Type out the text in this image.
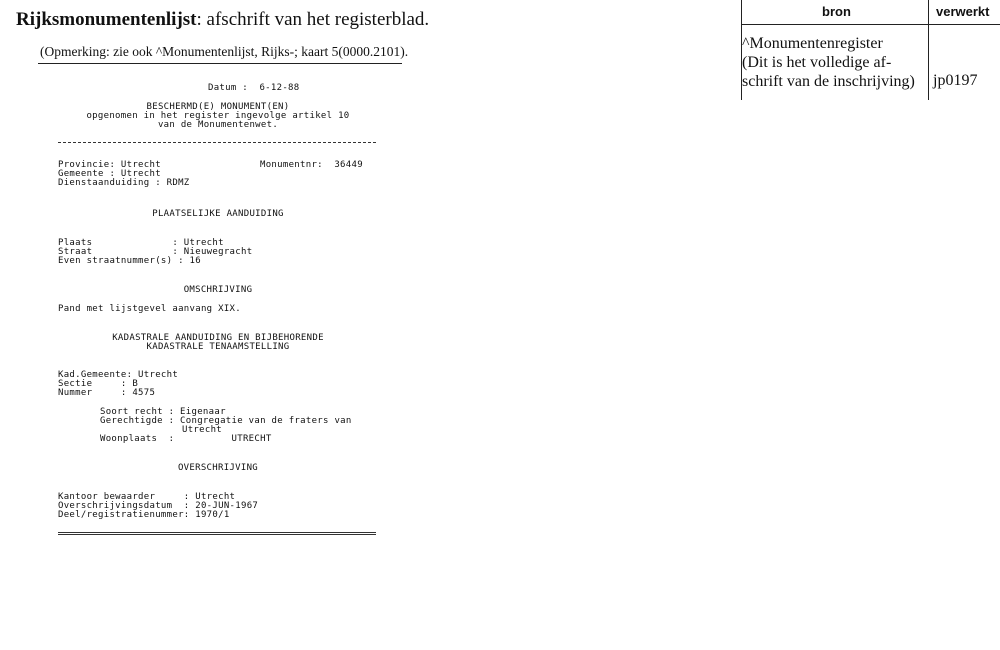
Rijksmonumentenlijst: afschrift van het registerblad.
(Opmerking: zie ook ^Monumentenlijst, Rijks-; kaart 5(0000.2101).

Datum :  6-12-88

BESCHERMD(E) MONUMENT(EN)

opgenomen in het register ingevolge artikel 10

van de Monumentenwet.

Provincie: Utrecht

	Monumentnr:  36449

Gemeente : Utrecht

Dienstaanduiding : RDMZ

PLAATSELIJKE AANDUIDING

Plaats              : Utrecht

Straat              : Nieuwegracht

Even straatnummer(s) : 16

OMSCHRIJVING

Pand met lijstgevel aanvang XIX.

KADASTRALE AANDUIDING EN BIJBEHORENDE

KADASTRALE TENAAMSTELLING

Kad.Gemeente: Utrecht

Sectie     : B

Nummer     : 4575

Soort recht : Eigenaar

Gerechtigde : Congregatie van de fraters van

Utrecht

Woonplaats  :          UTRECHT

OVERSCHRIJVING

Kantoor bewaarder     : Utrecht

Overschrijvingsdatum  : 20-JUN-1967

Deel/registratienummer: 1970/1

bron	verwerkt
^Monumentenregister
(Dit is het volledige af-
schrift van de inschrijving) jp0197
